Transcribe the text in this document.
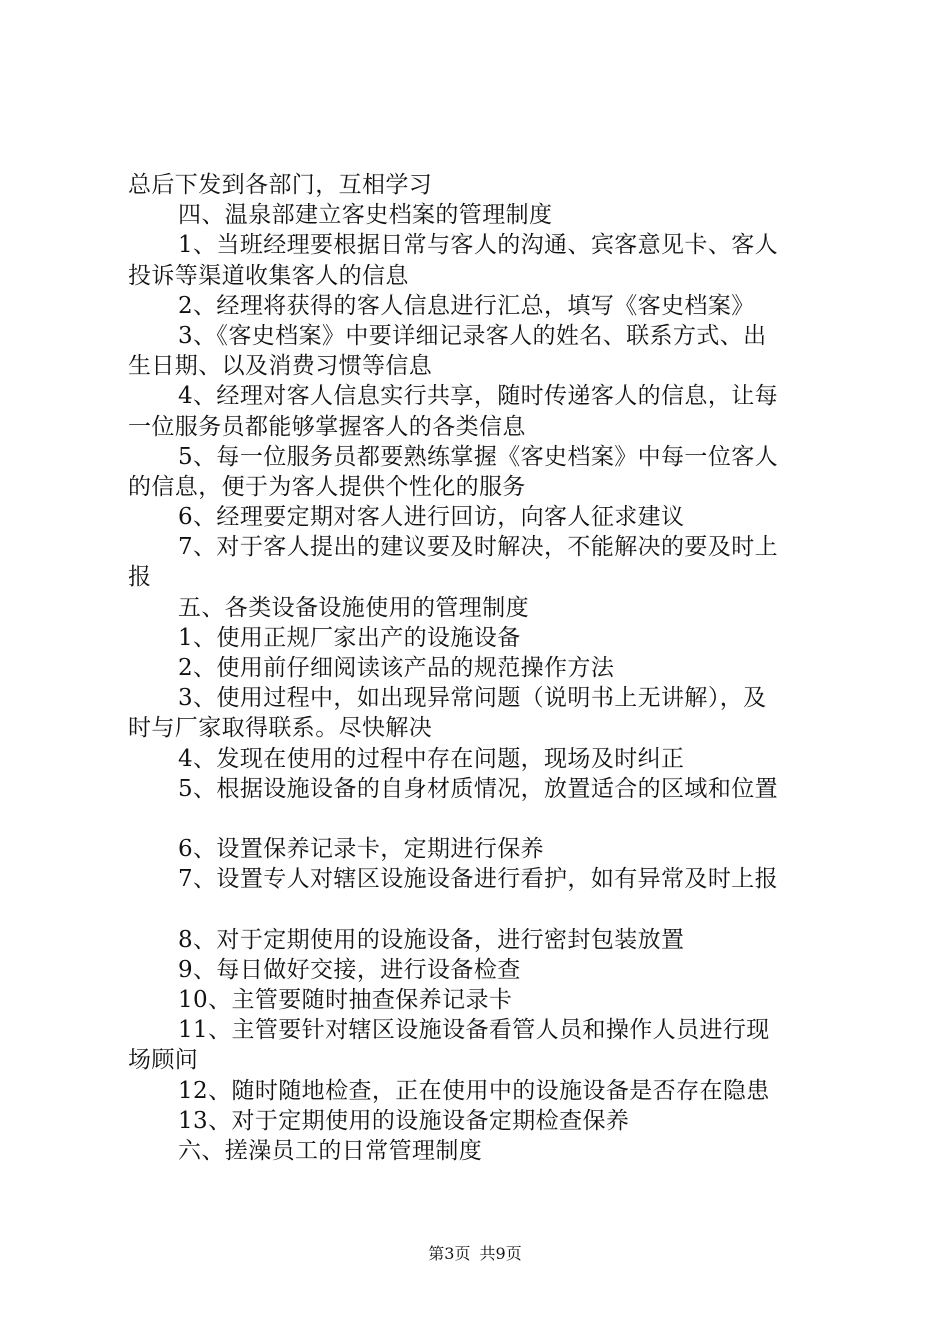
总后下发到各部门，互相学习
四、温泉部建立客史档案的管理制度
1、当班经理要根据日常与客人的沟通、宾客意见卡、客人
投诉等渠道收集客人的信息
2、经理将获得的客人信息进行汇总，填写《客史档案》
3、《客史档案》中要详细记录客人的姓名、联系方式、出
生日期、以及消费习惯等信息
4、经理对客人信息实行共享，随时传递客人的信息，让每
一位服务员都能够掌握客人的各类信息
5、每一位服务员都要熟练掌握《客史档案》中每一位客人
的信息，便于为客人提供个性化的服务
6、经理要定期对客人进行回访，向客人征求建议
7、对于客人提出的建议要及时解决，不能解决的要及时上
报
五、各类设备设施使用的管理制度
1、使用正规厂家出产的设施设备
2、使用前仔细阅读该产品的规范操作方法
3、使用过程中，如出现异常问题（说明书上无讲解），及
时与厂家取得联系。尽快解决
4、发现在使用的过程中存在问题，现场及时纠正
5、根据设施设备的自身材质情况，放置适合的区域和位置
6、设置保养记录卡，定期进行保养
7、设置专人对辖区设施设备进行看护，如有异常及时上报
8、对于定期使用的设施设备，进行密封包装放置
9、每日做好交接，进行设备检查
10、主管要随时抽查保养记录卡
11、主管要针对辖区设施设备看管人员和操作人员进行现
场顾问
12、随时随地检查，正在使用中的设施设备是否存在隐患
13、对于定期使用的设施设备定期检查保养
六、搓澡员工的日常管理制度
第3页 共9页
